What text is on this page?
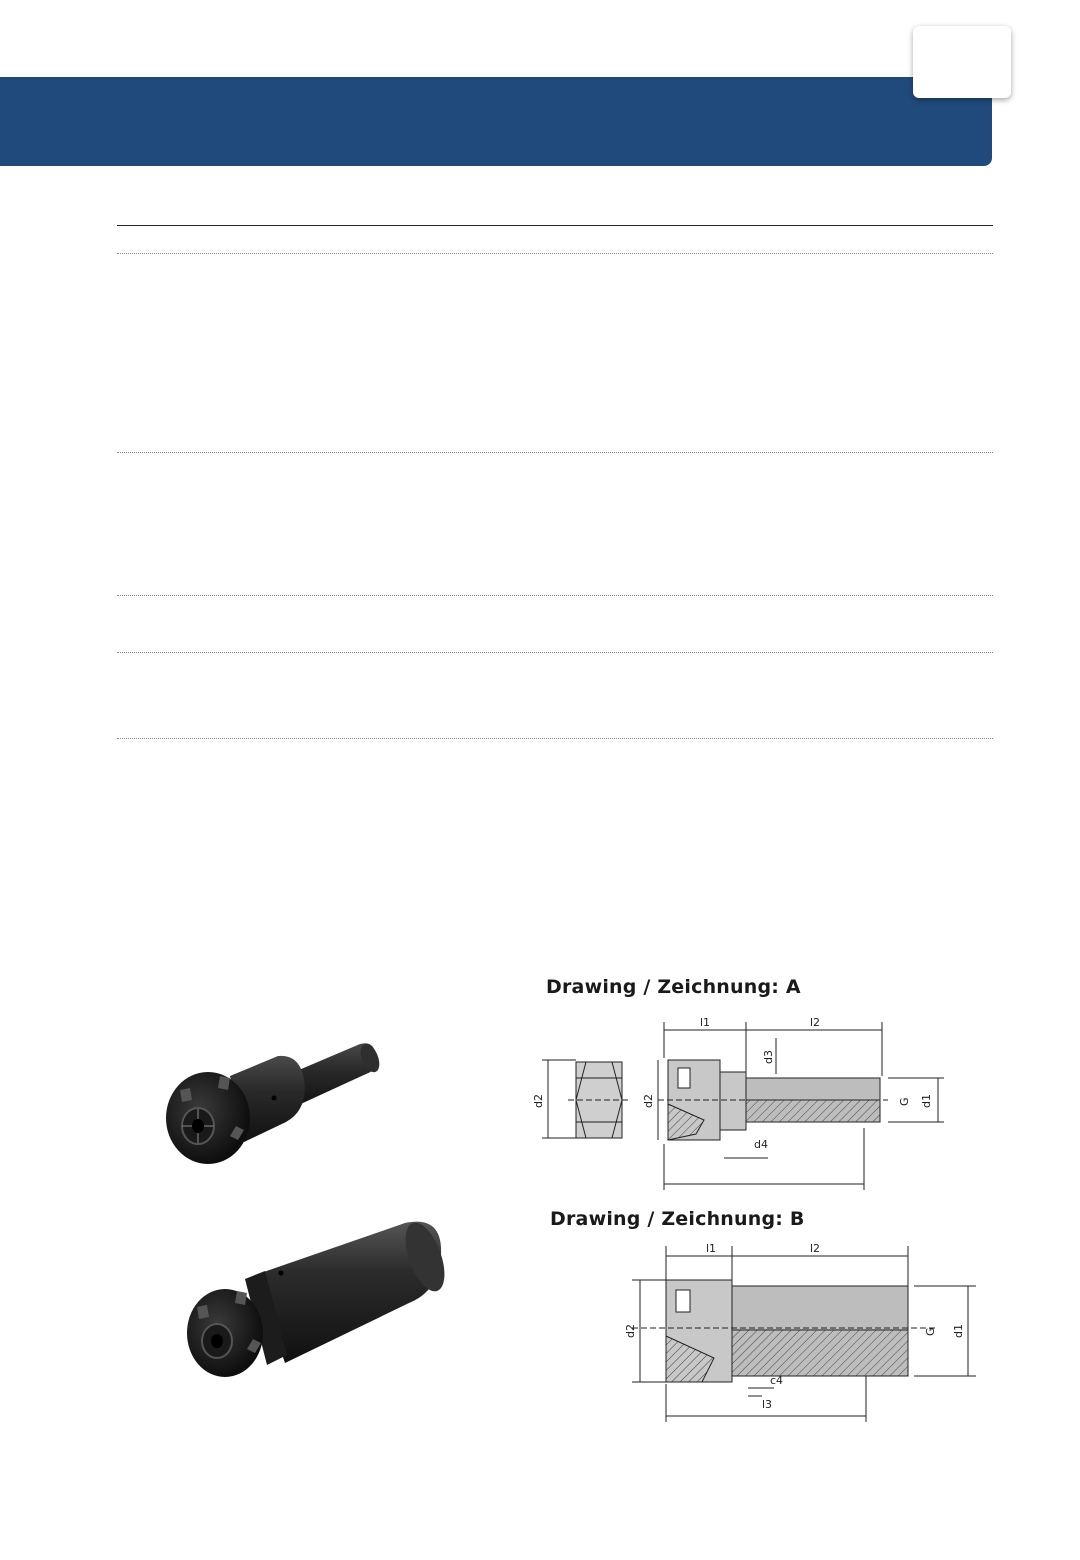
Drawing / Zeichnung: A
d2	d2
l1	l2
d3
d4
G d1
Drawing / Zeichnung: B
d2
l1	l2
G d1
c4
l3
